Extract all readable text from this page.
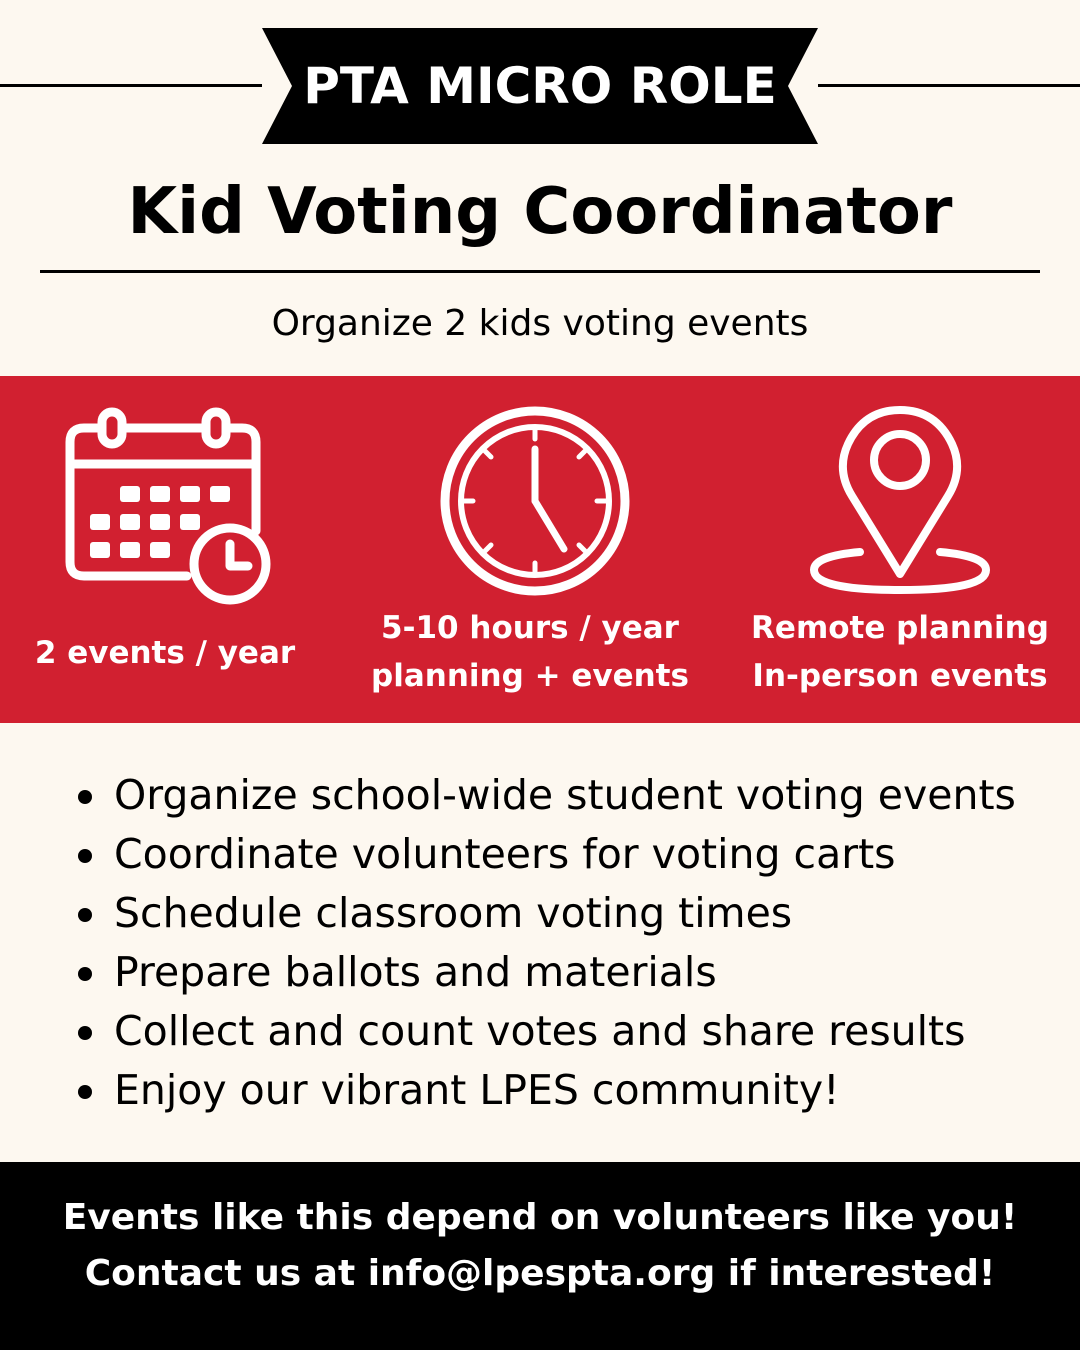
PTA MICRO ROLE
Kid Voting Coordinator

Organize 2 kids voting events

2 events / year
5-10 hours / year
planning + events
Remote planning
In-person events
Organize school-wide student voting events
Coordinate volunteers for voting carts
Schedule classroom voting times
Prepare ballots and materials
Collect and count votes and share results
Enjoy our vibrant LPES community!
Events like this depend on volunteers like you!
Contact us at info@lpespta.org if interested!
